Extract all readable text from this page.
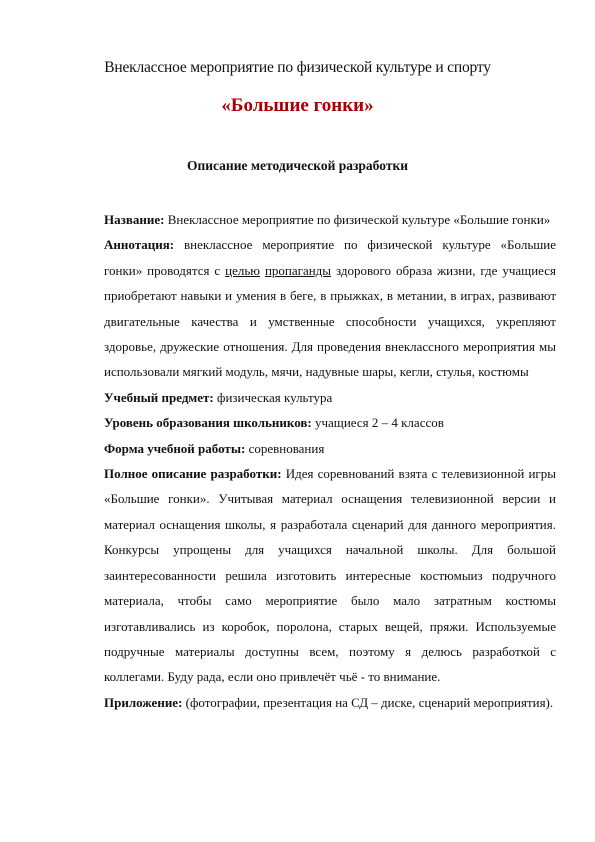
Внеклассное мероприятие по физической культуре и спорту
«Большие гонки»
Описание методической разработки

Название: Внеклассное мероприятие по физической культуре «Большие гонки»

Аннотация: внеклассное мероприятие по физической культуре «Большие гонки» проводятся с целью пропаганды здорового образа жизни, где учащиеся приобретают навыки и умения в беге, в прыжках, в метании, в играх, развивают двигательные качества и умственные способности учащихся, укрепляют здоровье, дружеские отношения. Для проведения внеклассного мероприятия мы использовали мягкий модуль, мячи, надувные шары, кегли, стулья, костюмы

Учебный предмет: физическая культура

Уровень образования школьников: учащиеся 2 – 4 классов

Форма учебной работы: соревнования

Полное описание разработки: Идея соревнований взята с телевизионной игры «Большие гонки». Учитывая материал оснащения телевизионной версии и материал оснащения школы, я разработала сценарий для данного мероприятия. Конкурсы упрощены для учащихся начальной школы. Для большой заинтересованности решила изготовить интересные костюмыиз подручного материала, чтобы само мероприятие было мало затратным костюмы изготавливались из коробок, поролона, старых вещей, пряжи. Используемые подручные материалы доступны всем, поэтому я делюсь разработкой с коллегами. Буду рада, если оно привлечёт чьё - то внимание.

Приложение: (фотографии, презентация на СД – диске, сценарий мероприятия).
